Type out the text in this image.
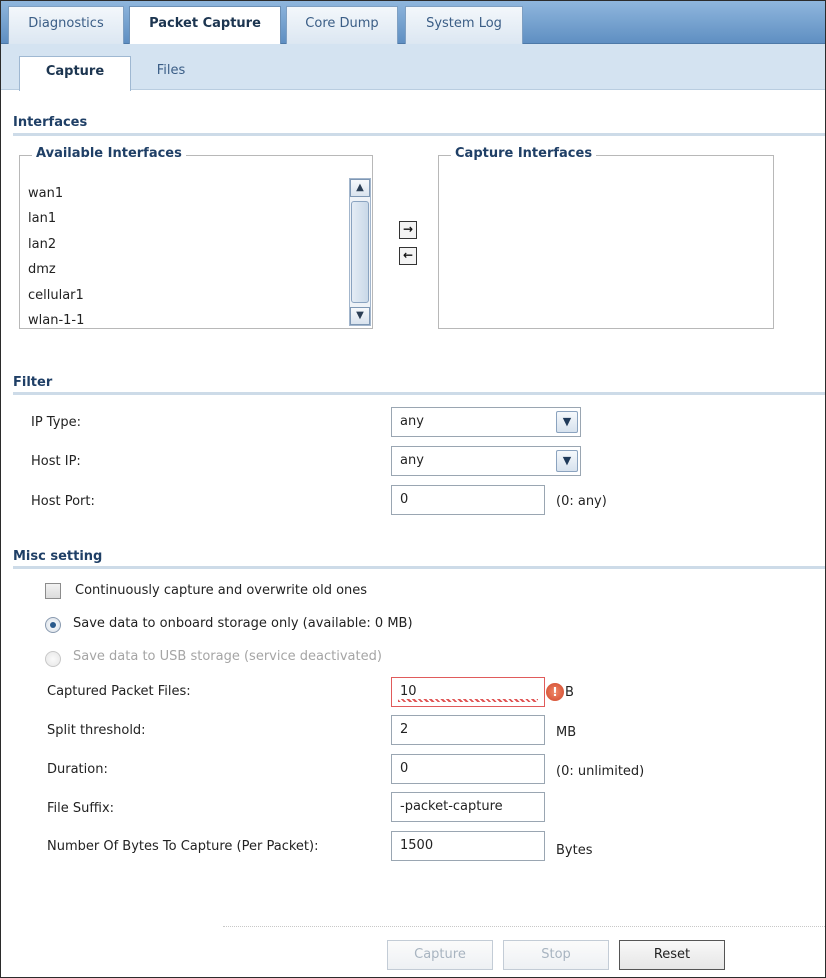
Diagnostics	Packet Capture	Core Dump	System Log
Capture	Files
Interfaces
Available Interfaces
wan1
lan1
lan2
dmz
cellular1
wlan-1-1
▲
▼
→
←
Capture Interfaces
Filter
IP Type:	any	▼
Host IP:	any	▼
Host Port:	0	(0: any)
Misc setting
Continuously capture and overwrite old ones
Save data to onboard storage only (available: 0 MB)
Save data to USB storage (service deactivated)
Captured Packet Files:	10	! B
Split threshold:	2	MB
Duration:	0	(0: unlimited)
File Suffix:	-packet-capture
Number Of Bytes To Capture (Per Packet):	1500	Bytes
Capture	Stop	Reset
